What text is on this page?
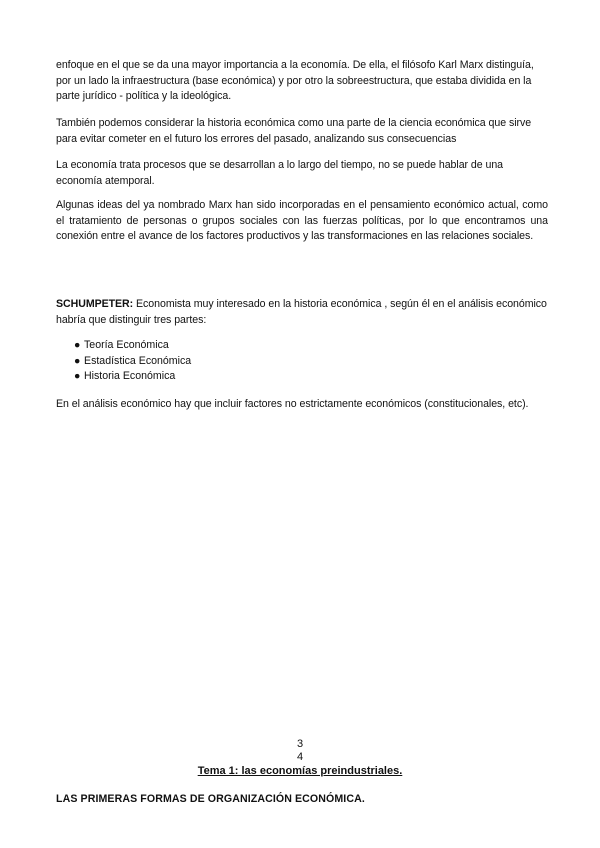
enfoque en el que se da una mayor importancia a la economía. De ella, el filósofo Karl Marx distinguía, por un lado la infraestructura (base económica) y por otro la sobreestructura, que estaba dividida en la parte jurídico - política y la ideológica.
También podemos considerar la historia económica como una parte de la ciencia económica que sirve para evitar cometer en el futuro los errores del pasado, analizando sus consecuencias
La economía trata procesos que se desarrollan a lo largo del tiempo, no se puede hablar de una economía atemporal.
Algunas ideas del ya nombrado Marx han sido incorporadas en el pensamiento económico actual, como el tratamiento de personas o grupos sociales con las fuerzas políticas, por lo que encontramos una conexión entre el avance de los factores productivos y las transformaciones en las relaciones sociales.
SCHUMPETER: Economista muy interesado en la historia económica , según él en el análisis económico habría que distinguir tres partes:
● Teoría Económica
● Estadística Económica
● Historia Económica
En el análisis económico hay que incluir factores no estrictamente económicos (constitucionales, etc).
3
4
Tema 1: las economías preindustriales.
LAS PRIMERAS FORMAS DE ORGANIZACIÓN ECONÓMICA.
